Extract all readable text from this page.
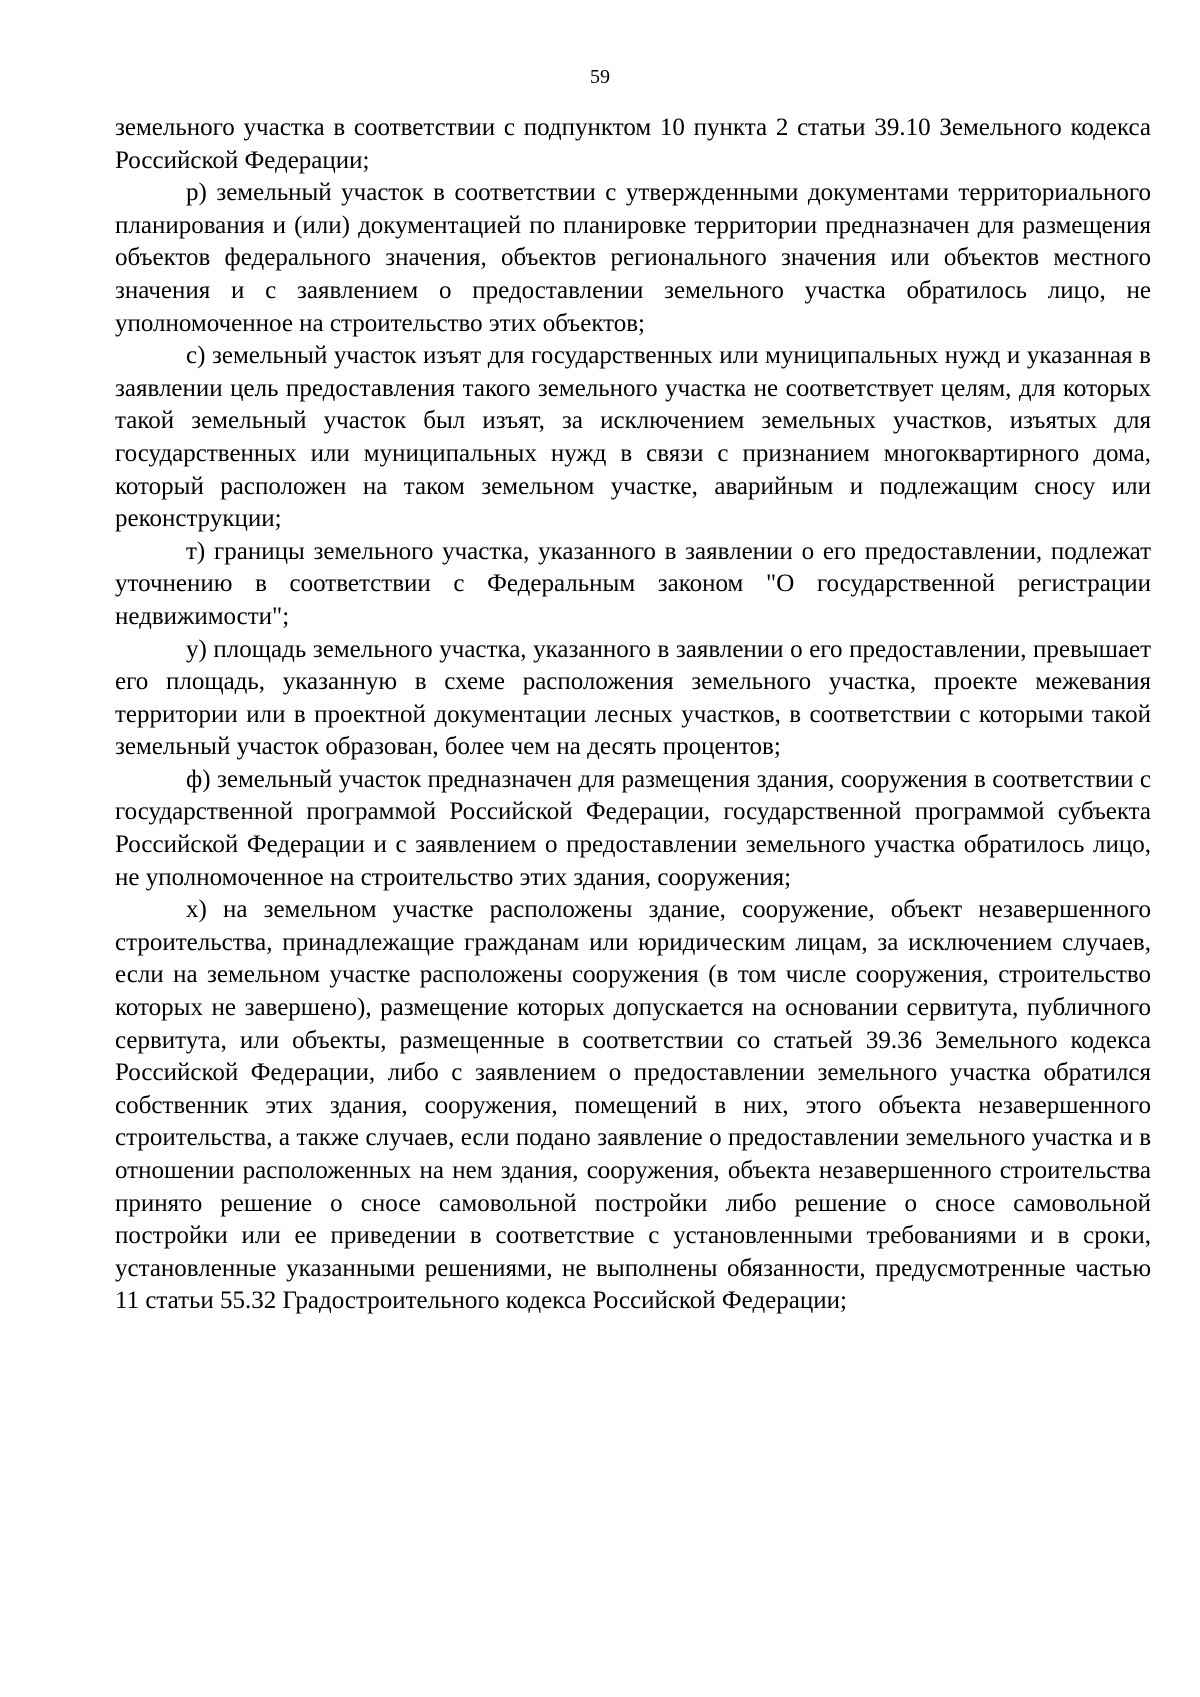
59

земельного участка в соответствии с подпунктом 10 пункта 2 статьи 39.10 Земельного кодекса Российской Федерации;

р) земельный участок в соответствии с утвержденными документами территориального планирования и (или) документацией по планировке территории предназначен для размещения объектов федерального значения, объектов регионального значения или объектов местного значения и с заявлением о предоставлении земельного участка обратилось лицо, не уполномоченное на строительство этих объектов;

с) земельный участок изъят для государственных или муниципальных нужд и указанная в заявлении цель предоставления такого земельного участка не соответствует целям, для которых такой земельный участок был изъят, за исключением земельных участков, изъятых для государственных или муниципальных нужд в связи с признанием многоквартирного дома, который расположен на таком земельном участке, аварийным и подлежащим сносу или реконструкции;

т) границы земельного участка, указанного в заявлении о его предоставлении, подлежат уточнению в соответствии с Федеральным законом "О государственной регистрации недвижимости";

у) площадь земельного участка, указанного в заявлении о его предоставлении, превышает его площадь, указанную в схеме расположения земельного участка, проекте межевания территории или в проектной документации лесных участков, в соответствии с которыми такой земельный участок образован, более чем на десять процентов;

ф) земельный участок предназначен для размещения здания, сооружения в соответствии с государственной программой Российской Федерации, государственной программой субъекта Российской Федерации и с заявлением о предоставлении земельного участка обратилось лицо, не уполномоченное на строительство этих здания, сооружения;

х) на земельном участке расположены здание, сооружение, объект незавершенного строительства, принадлежащие гражданам или юридическим лицам, за исключением случаев, если на земельном участке расположены сооружения (в том числе сооружения, строительство которых не завершено), размещение которых допускается на основании сервитута, публичного сервитута, или объекты, размещенные в соответствии со статьей 39.36 Земельного кодекса Российской Федерации, либо с заявлением о предоставлении земельного участка обратился собственник этих здания, сооружения, помещений в них, этого объекта незавершенного строительства, а также случаев, если подано заявление о предоставлении земельного участка и в отношении расположенных на нем здания, сооружения, объекта незавершенного строительства принято решение о сносе самовольной постройки либо решение о сносе самовольной постройки или ее приведении в соответствие с установленными требованиями и в сроки, установленные указанными решениями, не выполнены обязанности, предусмотренные частью 11 статьи 55.32 Градостроительного кодекса Российской Федерации;
